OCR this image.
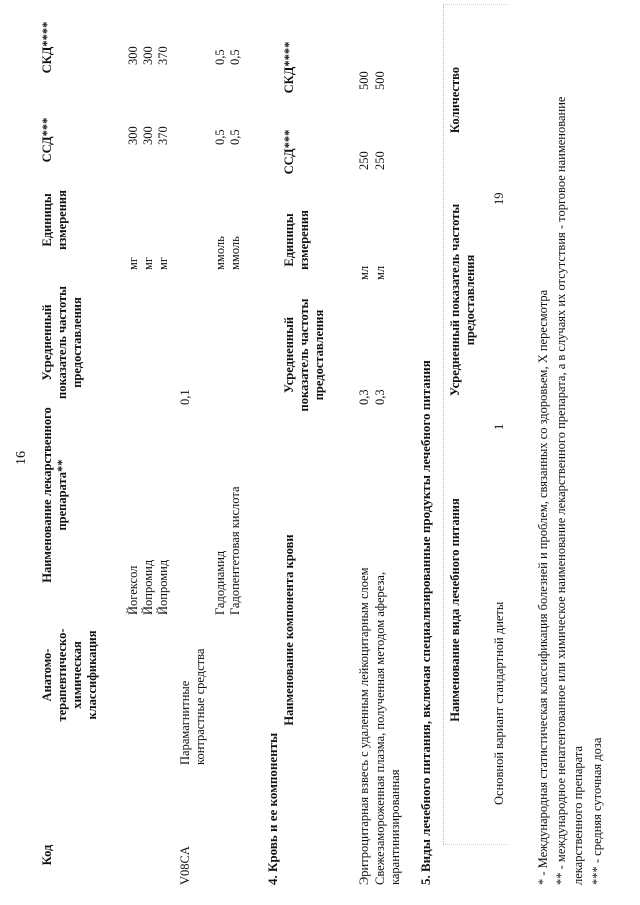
16
Код
Анатомо-терапевтическо-химическая классификация
Наименование лекарственного препарата**
Усредненный показатель частоты предоставления
Единицы измерения
ССД***
СКД****
Йогексол
мг
300
300
Йопромид
мг
300
300
Йопромид
мг
370
370
V08CA
Парамагнитные контрастные средства
0,1
Гадодиамид
ммоль
0,5
0,5
Гадопентетовая кислота
ммоль
0,5
0,5
4. Кровь и ее компоненты
Наименование компонента крови
Усредненный показатель частоты предоставления
Единицы измерения
ССД***
СКД****
Эритроцитарная взвесь с удаленным лейкоцитарным слоем
0,3
мл
250
500
Свежезамороженная плазма, полученная методом афереза, карантинизированная
0,3
мл
250
500
5. Виды лечебного питания, включая специализированные продукты лечебного питания Наименование вида лечебного питания
Усредненный показатель частоты предоставления
Количество
Основной вариант стандартной диеты
1
19
* - Международная статистическая классификация болезней и проблем, связанных со здоровьем, X пересмотра ** - международное непатентованное или химическое наименование лекарственного препарата, а в случаях их отсутствия - торговое наименование лекарственного препарата *** - средняя суточная доза
